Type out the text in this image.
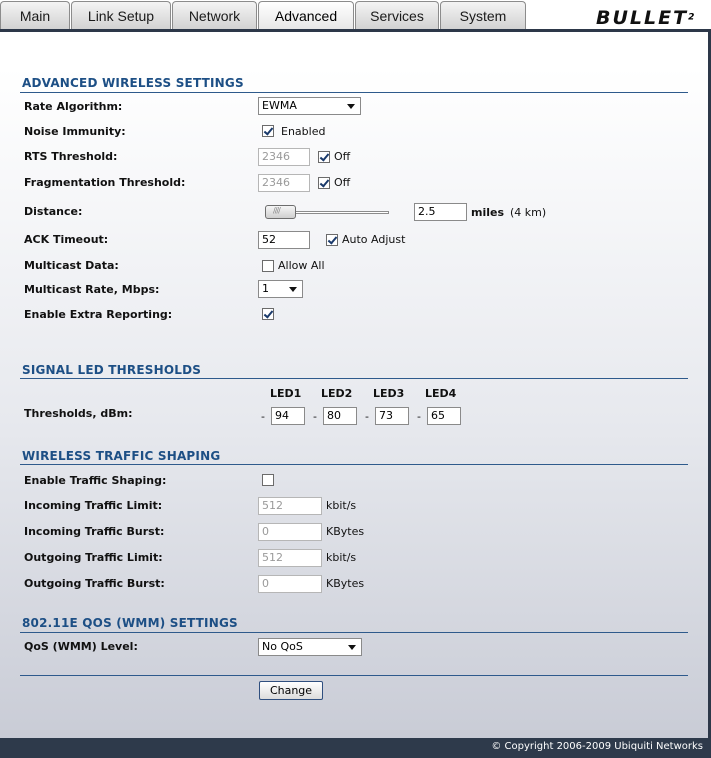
Main	Link Setup	Network	Advanced	Services	System	BULLET$^2$
ADVANCED WIRELESS SETTINGS
Rate Algorithm:	EWMA
Noise Immunity:	Enabled
RTS Threshold:	2346	Off
Fragmentation Threshold:	2346	Off
Distance:
////	2.5	miles (4 km)
ACK Timeout:	52	Auto Adjust
Multicast Data:	Allow All
Multicast Rate, Mbps:	1
Enable Extra Reporting:
SIGNAL LED THRESHOLDS
LED1 LED2 LED3 LED4
Thresholds, dBm:	- 94	- 80	- 73	- 65
WIRELESS TRAFFIC SHAPING
Enable Traffic Shaping:
Incoming Traffic Limit:	512	kbit/s
Incoming Traffic Burst:	0	KBytes
Outgoing Traffic Limit:	512	kbit/s
Outgoing Traffic Burst:	0	KBytes
802.11E QOS (WMM) SETTINGS
QoS (WMM) Level:	No QoS
Change
© Copyright 2006-2009 Ubiquiti Networks
